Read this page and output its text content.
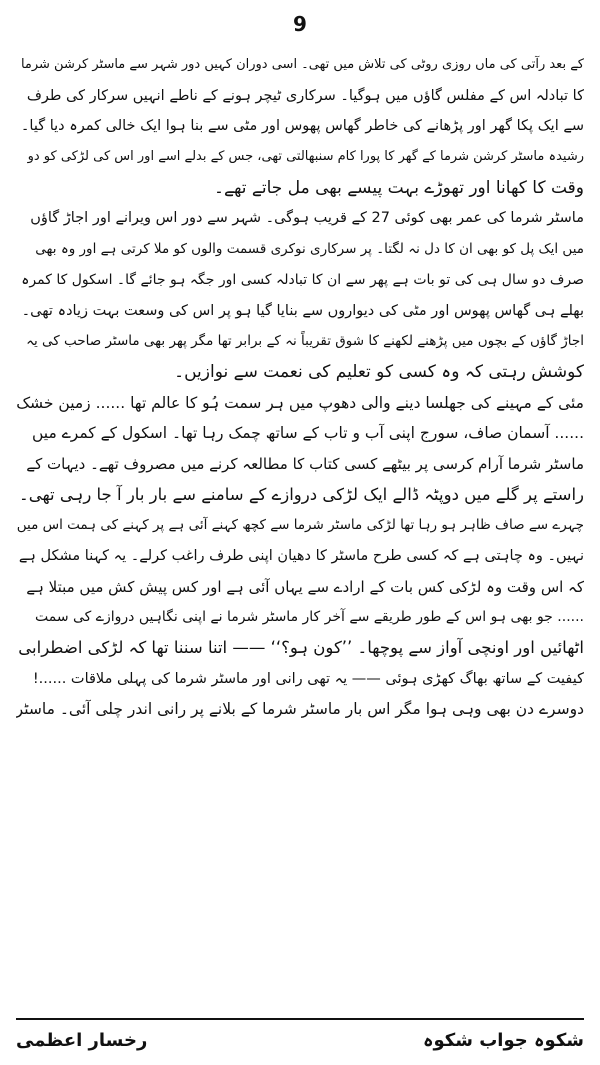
9
کے بعد رآتی کی ماں روزی روٹی کی تلاش میں تھی۔ اسی دوران کہیں دور شہر سے ماسٹر کرشن شرما
کا تبادلہ اس کے مفلس گاؤں میں ہوگیا۔ سرکاری ٹیچر ہونے کے ناطے انہیں سرکار کی طرف
سے ایک پکا گھر اور پڑھانے کی خاطر گھاس پھوس اور مٹی سے بنا ہوا ایک خالی کمرہ دیا گیا۔
رشیدہ ماسٹر کرشن شرما کے گھر کا پورا کام سنبھالتی تھی، جس کے بدلے اسے اور اس کی لڑکی کو دو
وقت کا کھانا اور تھوڑے بہت پیسے بھی مل جاتے تھے۔
ماسٹر شرما کی عمر بھی کوئی 27 کے قریب ہوگی۔ شہر سے دور اس ویرانے اور اجاڑ گاؤں
میں ایک پل کو بھی ان کا دل نہ لگتا۔ پر سرکاری نوکری قسمت والوں کو ملا کرتی ہے اور وہ بھی
صرف دو سال ہی کی تو بات ہے پھر سے ان کا تبادلہ کسی اور جگہ ہو جائے گا۔ اسکول کا کمرہ
بھلے ہی گھاس پھوس اور مٹی کی دیواروں سے بنایا گیا ہو پر اس کی وسعت بہت زیادہ تھی۔
اجاڑ گاؤں کے بچوں میں پڑھنے لکھنے کا شوق تقریباً نہ کے برابر تھا مگر پھر بھی ماسٹر صاحب کی یہ
کوشش رہتی کہ وہ کسی کو تعلیم کی نعمت سے نوازیں۔
مئی کے مہینے کی جھلسا دینے والی دھوپ میں ہر سمت ہُو کا عالم تھا ...... زمین خشک
...... آسمان صاف، سورج اپنی آب و تاب کے ساتھ چمک رہا تھا۔ اسکول کے کمرے میں
ماسٹر شرما آرام کرسی پر بیٹھے کسی کتاب کا مطالعہ کرنے میں مصروف تھے۔ دیہات کے
راستے پر گلے میں دوپٹہ ڈالے ایک لڑکی دروازے کے سامنے سے بار بار آ جا رہی تھی۔
چہرے سے صاف ظاہر ہو رہا تھا لڑکی ماسٹر شرما سے کچھ کہنے آئی ہے پر کہنے کی ہمت اس میں
نہیں۔ وہ چاہتی ہے کہ کسی طرح ماسٹر کا دھیان اپنی طرف راغب کرلے۔ یہ کہنا مشکل ہے
کہ اس وقت وہ لڑکی کس بات کے ارادے سے یہاں آئی ہے اور کس پیش کش میں مبتلا ہے
...... جو بھی ہو اس کے طور طریقے سے آخر کار ماسٹر شرما نے اپنی نگاہیں دروازے کی سمت
اٹھائیں اور اونچی آواز سے پوچھا۔ ’’کون ہو؟‘‘ —— اتنا سننا تھا کہ لڑکی اضطرابی
کیفیت کے ساتھ بھاگ کھڑی ہوئی —— یہ تھی رانی اور ماسٹر شرما کی پہلی ملاقات ......!
دوسرے دن بھی وہی ہوا مگر اس بار ماسٹر شرما کے بلانے پر رانی اندر چلی آئی۔ ماسٹر
شکوہ جواب شکوہ
رخسار اعظمی
